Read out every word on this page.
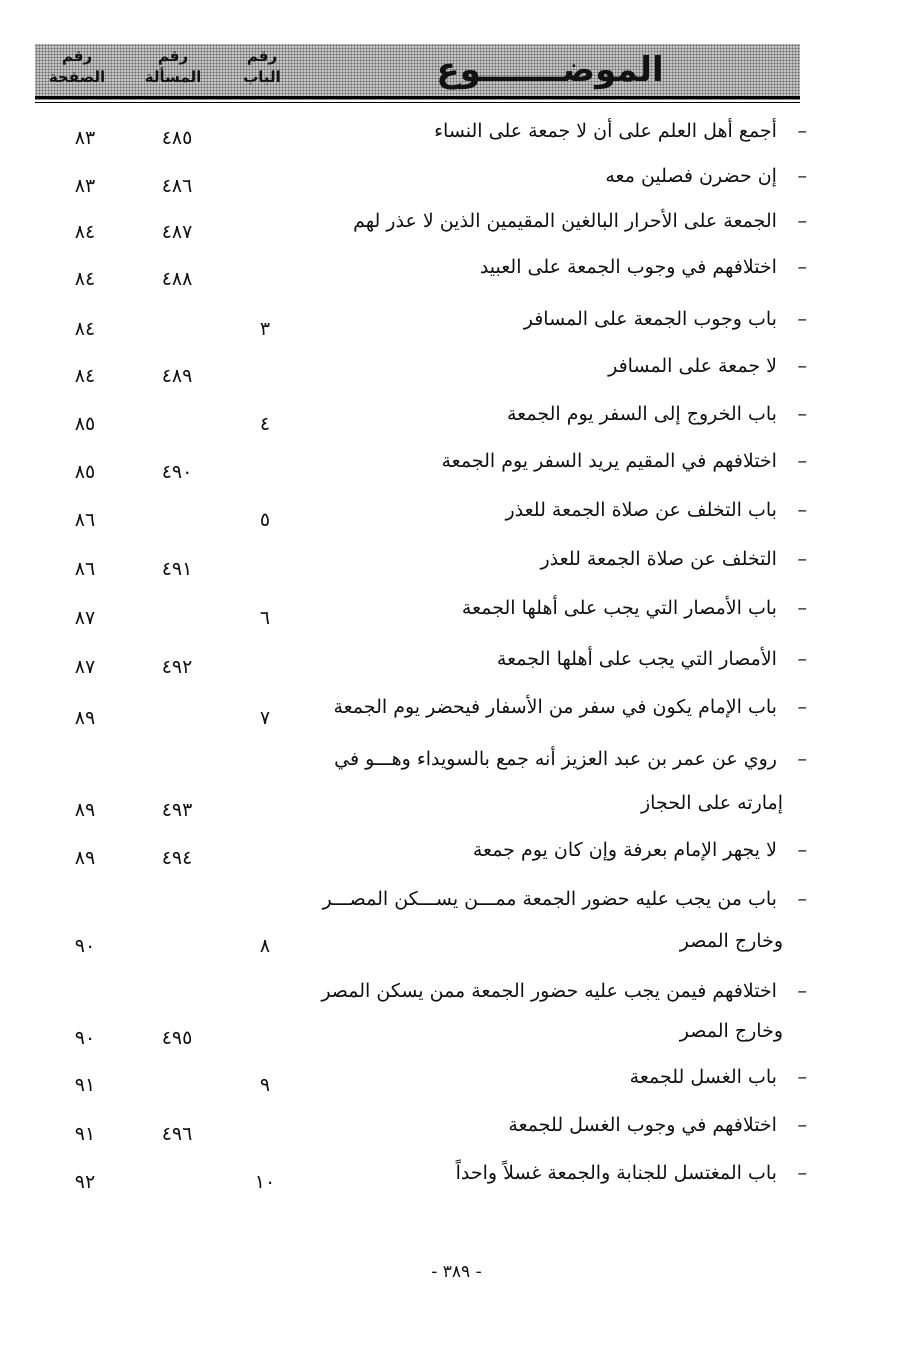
الموضـــــــوع
رقم
الباب
رقم
المسألة
رقم
الصفحة
– أجمع أهل العلم على أن لا جمعة على النساء
٤٨٥
٨٣
– إن حضرن فصلين معه
٤٨٦
٨٣
– الجمعة على الأحرار البالغين المقيمين الذين لا عذر لهم
٤٨٧
٨٤
– اختلافهم في وجوب الجمعة على العبيد
٤٨٨
٨٤
– باب وجوب الجمعة على المسافر
٣
٨٤
– لا جمعة على المسافر
٤٨٩
٨٤
– باب الخروج إلى السفر يوم الجمعة
٤
٨٥
– اختلافهم في المقيم يريد السفر يوم الجمعة
٤٩٠
٨٥
– باب التخلف عن صلاة الجمعة للعذر
٥
٨٦
– التخلف عن صلاة الجمعة للعذر
٤٩١
٨٦
– باب الأمصار التي يجب على أهلها الجمعة
٦
٨٧
– الأمصار التي يجب على أهلها الجمعة
٤٩٢
٨٧
– باب الإمام يكون في سفر من الأسفار فيحضر يوم الجمعة
٧
٨٩
– روي عن عمر بن عبد العزيز أنه جمع بالسويداء وهـــو في
إمارته على الحجاز
٤٩٣
٨٩
– لا يجهر الإمام بعرفة وإن كان يوم جمعة
٤٩٤
٨٩
– باب من يجب عليه حضور الجمعة ممـــن يســـكن المصـــر
وخارج المصر
٨
٩٠
– اختلافهم فيمن يجب عليه حضور الجمعة ممن يسكن المصر
وخارج المصر
٤٩٥
٩٠
– باب الغسل للجمعة
٩
٩١
– اختلافهم في وجوب الغسل للجمعة
٤٩٦
٩١
– باب المغتسل للجنابة والجمعة غسلاً واحداً
١٠
٩٢
- ٣٨٩ -
